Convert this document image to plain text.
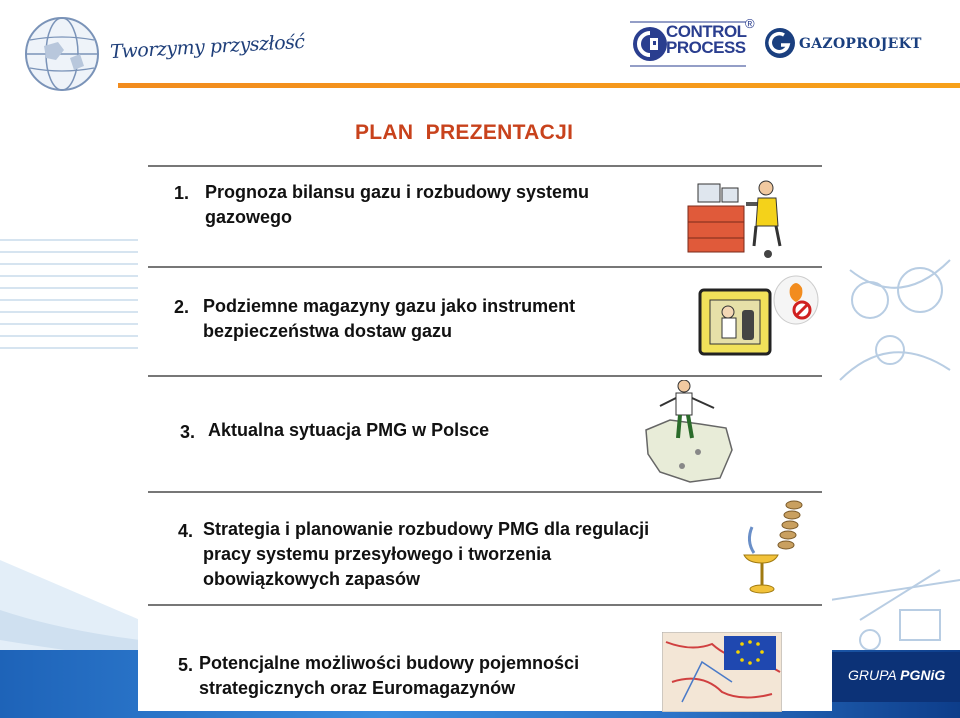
GRUPA PGNiG
Tworzymy przyszłość	CONTROL
PROCESS
®
GAZOPROJEKT
PLAN  PREZENTACJI
1. Prognoza bilansu gazu i rozbudowy systemu
gazowego
2. Podziemne magazyny gazu jako instrument
bezpieczeństwa dostaw gazu
3. Aktualna sytuacja PMG w Polsce
4. Strategia i planowanie rozbudowy PMG dla regulacji
pracy systemu przesyłowego i tworzenia
obowiązkowych zapasów
5. Potencjalne możliwości budowy pojemności
strategicznych oraz Euromagazynów
